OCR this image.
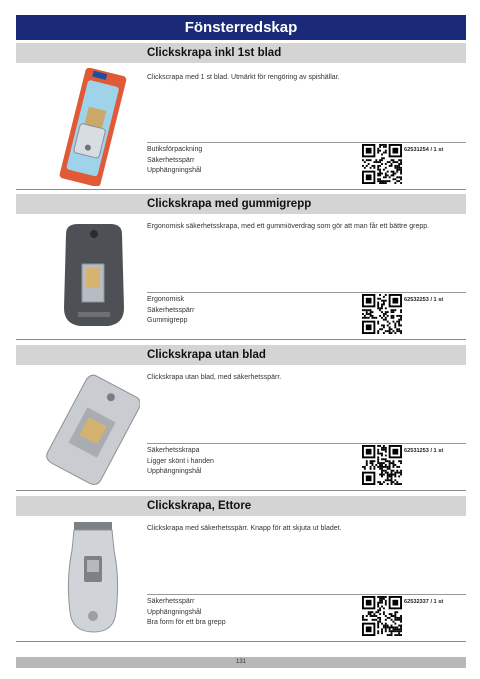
Fönsterredskap
Clickskrapa inkl 1st blad
Clickscrapa med 1 st blad. Utmärkt för rengöring av spishällar.
Butiksförpackning
Säkerhetsspärr
Upphängningshål
62531254 / 1 st
Clickskrapa med gummigrepp
Ergonomisk säkerhetsskrapa, med ett gummiöverdrag som gör att man får ett bättre grepp.
Ergonomisk
Säkerhetsspärr
Gummigrepp
62532253 / 1 st
Clickskrapa utan blad
Clickskrapa utan blad, med säkerhetsspärr.
Säkerhetsskrapa
Ligger skönt i handen
Upphängningshål
62531253 / 1 st
Clickskrapa, Ettore
Clickskrapa med säkerhetsspärr. Knapp för att skjuta ut bladet.
Säkerhetsspärr
Upphängningshål
Bra form för ett bra grepp
62532337 / 1 st
131
